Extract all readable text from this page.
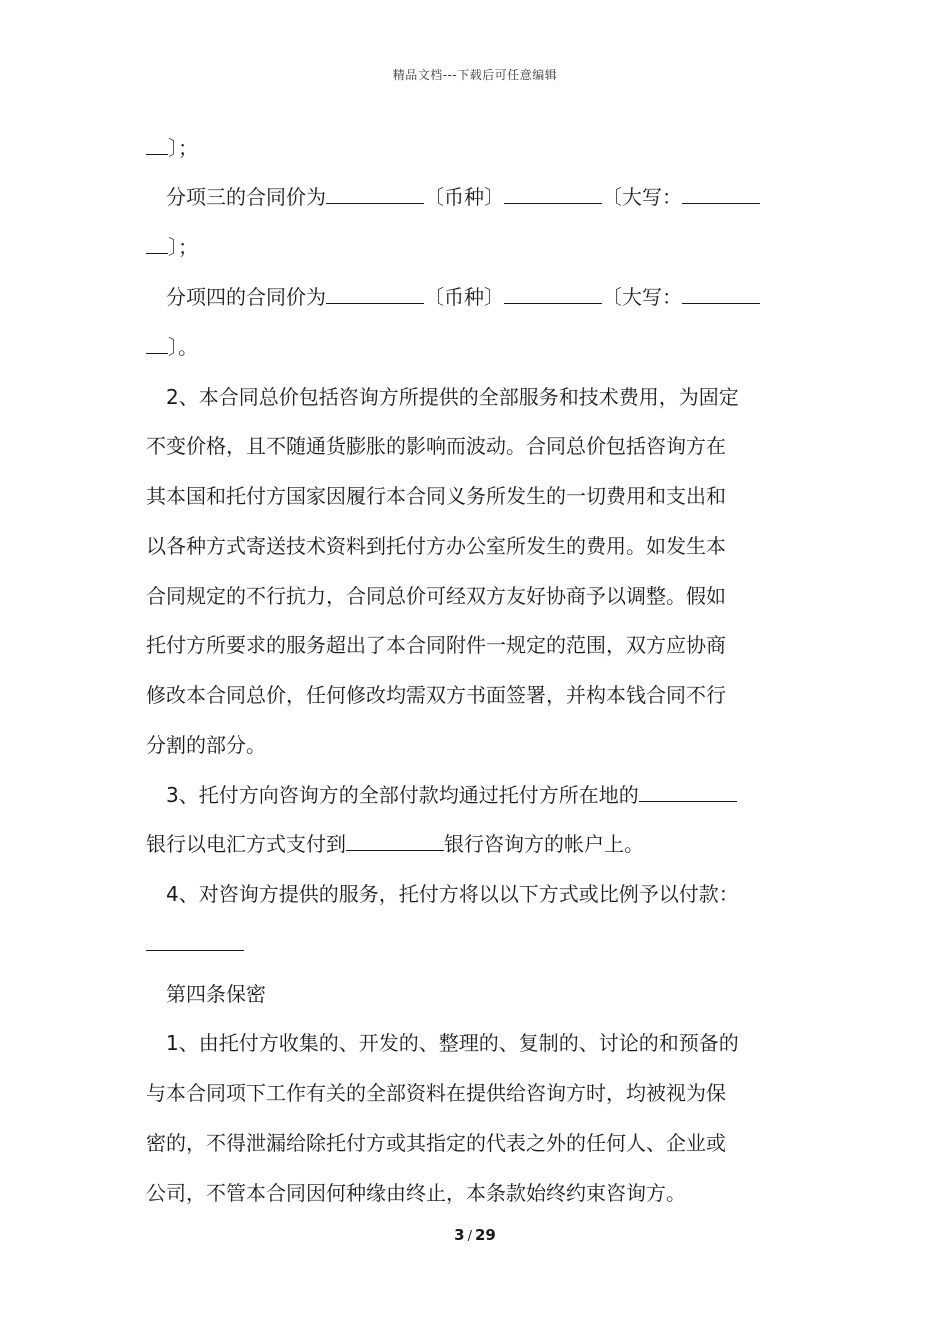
精品文档---下载后可任意编辑
〕；
分项三的合同价为	〔币种〕	〔大写：
〕；
分项四的合同价为	〔币种〕	〔大写：
〕。
2、本合同总价包括咨询方所提供的全部服务和技术费用，为固定
不变价格，且不随通货膨胀的影响而波动。合同总价包括咨询方在
其本国和托付方国家因履行本合同义务所发生的一切费用和支出和
以各种方式寄送技术资料到托付方办公室所发生的费用。如发生本
合同规定的不行抗力，合同总价可经双方友好协商予以调整。假如
托付方所要求的服务超出了本合同附件一规定的范围，双方应协商
修改本合同总价，任何修改均需双方书面签署，并构本钱合同不行
分割的部分。
3、托付方向咨询方的全部付款均通过托付方所在地的
银行以电汇方式支付到	银行咨询方的帐户上。
4、对咨询方提供的服务，托付方将以以下方式或比例予以付款：
第四条保密
1、由托付方收集的、开发的、整理的、复制的、讨论的和预备的
与本合同项下工作有关的全部资料在提供给咨询方时，均被视为保
密的，不得泄漏给除托付方或其指定的代表之外的任何人、企业或
公司，不管本合同因何种缘由终止，本条款始终约束咨询方。
3 / 29
